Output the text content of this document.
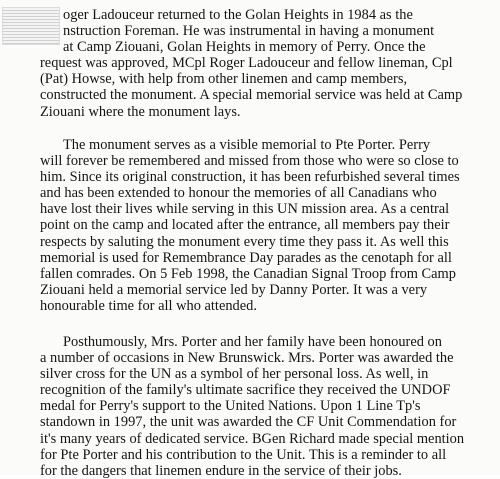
oger Ladouceur returned to the Golan Heights in 1984 as the
nstruction Foreman. He was instrumental in having a monument
at Camp Ziouani, Golan Heights in memory of Perry. Once the
request was approved, MCpl Roger Ladouceur and fellow lineman, Cpl
(Pat) Howse, with help from other linemen and camp members,
constructed the monument. A special memorial service was held at Camp
Ziouani where the monument lays.
The monument serves as a visible memorial to Pte Porter. Perry
will forever be remembered and missed from those who were so close to
him. Since its original construction, it has been refurbished several times
and has been extended to honour the memories of all Canadians who
have lost their lives while serving in this UN mission area. As a central
point on the camp and located after the entrance, all members pay their
respects by saluting the monument every time they pass it. As well this
memorial is used for Remembrance Day parades as the cenotaph for all
fallen comrades. On 5 Feb 1998, the Canadian Signal Troop from Camp
Ziouani held a memorial service led by Danny Porter. It was a very
honourable time for all who attended.
Posthumously, Mrs. Porter and her family have been honoured on
a number of occasions in New Brunswick. Mrs. Porter was awarded the
silver cross for the UN as a symbol of her personal loss. As well, in
recognition of the family's ultimate sacrifice they received the UNDOF
medal for Perry's support to the United Nations. Upon 1 Line Tp's
standown in 1997, the unit was awarded the CF Unit Commendation for
it's many years of dedicated service. BGen Richard made special mention
for Pte Porter and his contribution to the Unit. This is a reminder to all
for the dangers that linemen endure in the service of their jobs.
